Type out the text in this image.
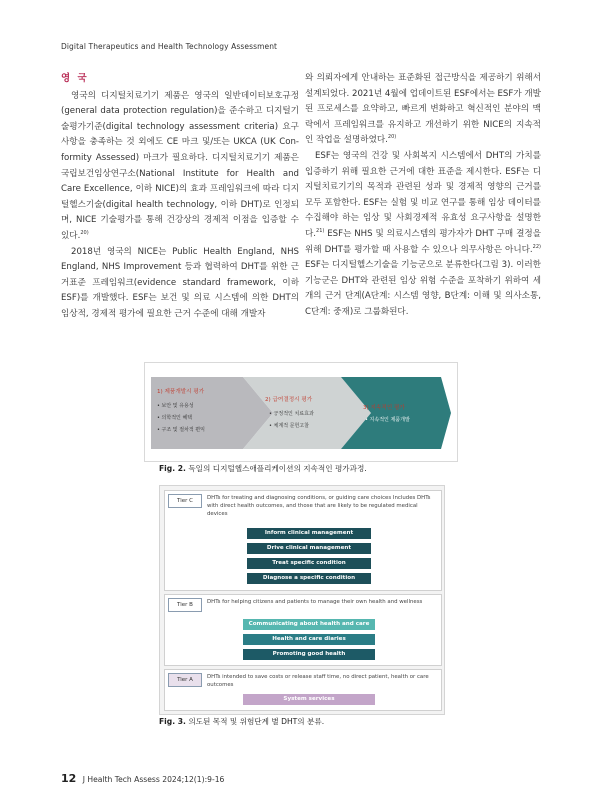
Digital Therapeutics and Health Technology Assessment
영 국

영국의 디지털치료기기 제품은 영국의 일반데이터보호규정(general data protection regulation)을 준수하고 디지털기술평가기준(digital technology assessment criteria) 요구사항을 충족하는 것 외에도 CE 마크 및/또는 UKCA (UK Con-formity Assessed) 마크가 필요하다. 디지털치료기기 제품은 국립보건임상연구소(National Institute for Health and Care Excellence, 이하 NICE)의 효과 프레임워크에 따라 디지털헬스기술(digital health technology, 이하 DHT)로 인정되며, NICE 기술평가를 통해 건강상의 경제적 이점을 입증할 수 있다.$^{20)}$

2018년 영국의 NICE는 Public Health England, NHS England, NHS Improvement 등과 협력하여 DHT를 위한 근거표준 프레임워크(evidence standard framework, 이하 ESF)를 개발했다. ESF는 보건 및 의료 시스템에 의한 DHT의 임상적, 경제적 평가에 필요한 근거 수준에 대해 개발자

와 의뢰자에게 안내하는 표준화된 접근방식을 제공하기 위해서 설계되었다. 2021년 4월에 업데이트된 ESF에서는 ESF가 개발된 프로세스를 요약하고, 빠르게 변화하고 혁신적인 분야의 맥락에서 프레임워크를 유지하고 개선하기 위한 NICE의 지속적인 작업을 설명하였다.$^{20)}$

ESF는 영국의 건강 및 사회복지 시스템에서 DHT의 가치를 입증하기 위해 필요한 근거에 대한 표준을 제시한다. ESF는 디지털치료기기의 목적과 관련된 성과 및 경제적 영향의 근거를 모두 포함한다. ESF는 실험 및 비교 연구를 통해 임상 데이터를 수집해야 하는 임상 및 사회경제적 유효성 요구사항을 설명한다.$^{21)}$ ESF는 NHS 및 의료시스템의 평가자가 DHT 구매 결정을 위해 DHT를 평가할 때 사용할 수 있으나 의무사항은 아니다.$^{22)}$ ESF는 디지털헬스기술을 기능군으로 분류한다(그림 3). 이러한 기능군은 DHT와 관련된 임상 위험 수준을 포착하기 위하여 세개의 근거 단계(A단계: 시스템 영향, B단계: 이해 및 의사소통, C단계: 중재)로 그룹화된다.

1) 제품개발시 평가
• 보안 및 유용성
• 의학적인 혜택
• 구조 및 절차적 편익
2) 급여결정시 평가
• 긍정적인 치료효과
• 체계적 문헌고찰
3) 지속적인 평가
• 지속적인 제품개발
Fig. 2. 독일의 디지털헬스애플리케이션의 지속적인 평가과정.
Tier C	DHTs for treating and diagnosing conditions, or guiding care choices Includes DHTs with direct health outcomes, and those that are likely to be regulated medical devices
Inform clinical management
Drive clinical management
Treat specific condition
Diagnose a specific condition
Tier B	DHTs for helping citizens and patients to manage their own health and wellness
Communicating about health and care
Health and care diaries
Promoting good health
Tier A	DHTs intended to save costs or release staff time, no direct patient, health or care outcomes
System services
Fig. 3. 의도된 목적 및 위험단계 별 DHT의 분류.
12 J Health Tech Assess 2024;12(1):9-16
